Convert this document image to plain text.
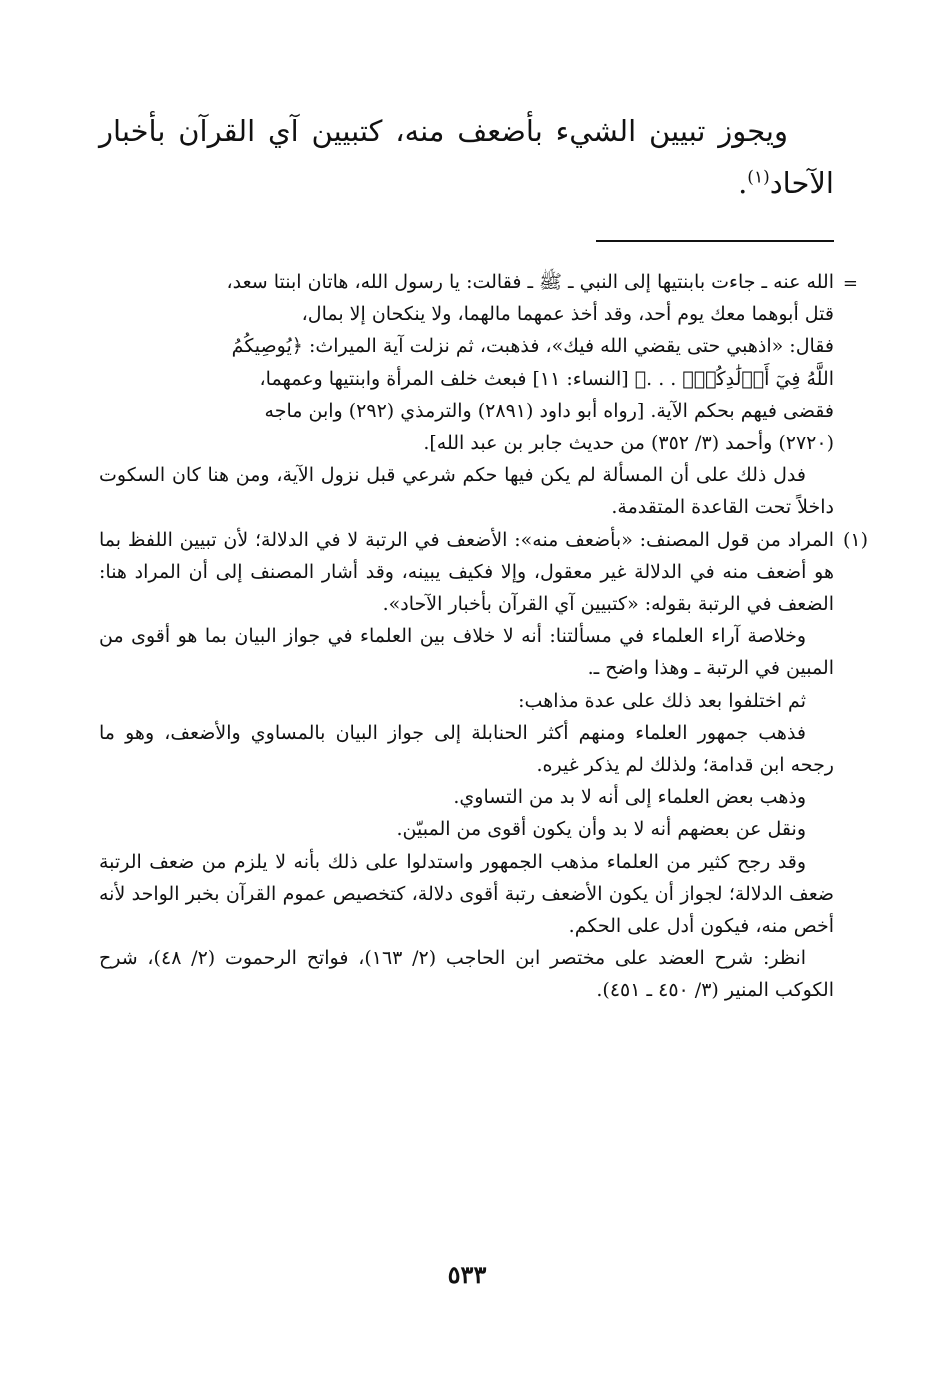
ويجوز تبيين الشيء بأضعف منه، كتبيين آي القرآن بأخبار الآحاد$^{(١)}$.
=

الله عنه ـ جاءت بابنتيها إلى النبي ـ ﷺ ـ فقالت: يا رسول الله، هاتان ابنتا سعد،

قتل أبوهما معك يوم أحد، وقد أخذ عمهما مالهما، ولا ينكحان إلا بمال،

فقال: «اذهبي حتى يقضي الله فيك»، فذهبت، ثم نزلت آية الميراث: ﴿يُوصِيكُمُ

اللَّهُ فِيٓ أَوۡلَٰدِكُمۡۖ . . .﴾ [النساء: ١١] فبعث خلف المرأة وابنتيها وعمهما،

فقضى فيهم بحكم الآية. [رواه أبو داود (٢٨٩١) والترمذي (٢٩٢) وابن ماجه

(٢٧٢٠) وأحمد (٣/ ٣٥٢) من حديث جابر بن عبد الله].

فدل ذلك على أن المسألة لم يكن فيها حكم شرعي قبل نزول الآية، ومن هنا كان السكوت داخلاً تحت القاعدة المتقدمة.

(١)

المراد من قول المصنف: «بأضعف منه»: الأضعف في الرتبة لا في الدلالة؛ لأن تبيين اللفظ بما هو أضعف منه في الدلالة غير معقول، وإلا فكيف يبينه، وقد أشار المصنف إلى أن المراد هنا: الضعف في الرتبة بقوله: «كتبيين آي القرآن بأخبار الآحاد».

وخلاصة آراء العلماء في مسألتنا: أنه لا خلاف بين العلماء في جواز البيان بما هو أقوى من المبين في الرتبة ـ وهذا واضح ـ.

ثم اختلفوا بعد ذلك على عدة مذاهب:

فذهب جمهور العلماء ومنهم أكثر الحنابلة إلى جواز البيان بالمساوي والأضعف، وهو ما رجحه ابن قدامة؛ ولذلك لم يذكر غيره.

وذهب بعض العلماء إلى أنه لا بد من التساوي.

ونقل عن بعضهم أنه لا بد وأن يكون أقوى من المبيّن.

وقد رجح كثير من العلماء مذهب الجمهور واستدلوا على ذلك بأنه لا يلزم من ضعف الرتبة ضعف الدلالة؛ لجواز أن يكون الأضعف رتبة أقوى دلالة، كتخصيص عموم القرآن بخبر الواحد لأنه أخص منه، فيكون أدل على الحكم.

انظر: شرح العضد على مختصر ابن الحاجب (٢/ ١٦٣)، فواتح الرحموت (٢/ ٤٨)، شرح الكوكب المنير (٣/ ٤٥٠ ـ ٤٥١).

٥٣٣
